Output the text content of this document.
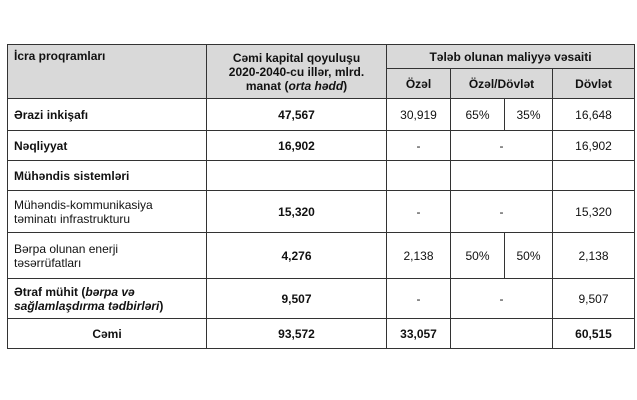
İcra proqramları	Cəmi kapital qoyuluşu
2020-2040-cu illər, mlrd.
manat (orta hədd)	Tələb olunan maliyyə vəsaiti			
		Özəl	Özəl/Dövlət		Dövlət
Ərazi inkişafı	47,567	30,919	65%	35%	16,648
Nəqliyyat	16,902	-	-		16,902
Mühəndis sistemləri					

Mühəndis-kommunikasiya
təminatı infrastrukturu	15,320	-	-		15,320

Bərpa olunan enerji
təsərrüfatları	4,276	2,138	50%	50%	2,138

Ətraf mühit (bərpa və
sağlamlaşdırma tədbirləri)	9,507	-	-		9,507
Cəmi	93,572	33,057			60,515
